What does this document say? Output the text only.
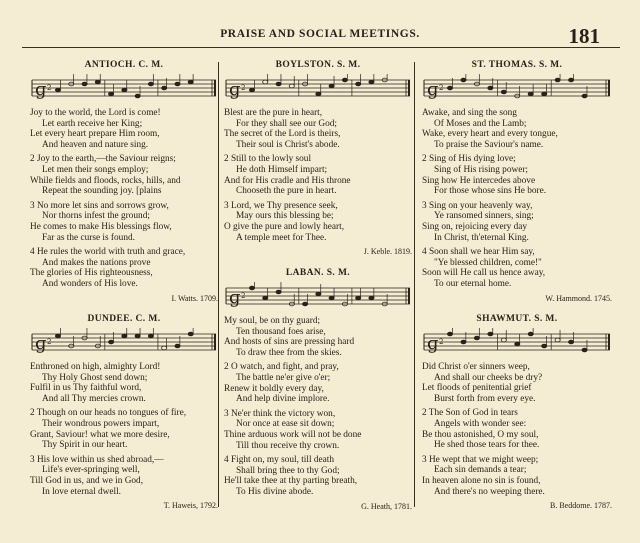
PRAISE AND SOCIAL MEETINGS.	181
ANTIOCH. C. M.
ɡ 2
Joy to the world, the Lord is come!
Let earth receive her King;
Let every heart prepare Him room,
And heaven and nature sing.
2 Joy to the earth,—the Saviour reigns;
Let men their songs employ;
While fields and floods, rocks, hills, and
Repeat the sounding joy. [plains
3 No more let sins and sorrows grow,
Nor thorns infest the ground;
He comes to make His blessings flow,
Far as the curse is found.
4 He rules the world with truth and grace,
And makes the nations prove
The glories of His righteousness,
And wonders of His love.
I. Watts. 1709.
DUNDEE. C. M.
ɡ 2
Enthroned on high, almighty Lord!
Thy Holy Ghost send down;
Fulfil in us Thy faithful word,
And all Thy mercies crown.
2 Though on our heads no tongues of fire,
Their wondrous powers impart,
Grant, Saviour! what we more desire,
Thy Spirit in our heart.
3 His love within us shed abroad,—
Life's ever-springing well,
Till God in us, and we in God,
In love eternal dwell.
T. Haweis, 1792.
BOYLSTON. S. M.
ɡ 2
Blest are the pure in heart,
For they shall see our God;
The secret of the Lord is theirs,
Their soul is Christ's abode.
2 Still to the lowly soul
He doth Himself impart;
And for His cradle and His throne
Chooseth the pure in heart.
3 Lord, we Thy presence seek,
May ours this blessing be;
O give the pure and lowly heart,
A temple meet for Thee.
J. Keble. 1819.
LABAN. S. M.
ɡ 2
My soul, be on thy guard;
Ten thousand foes arise,
And hosts of sins are pressing hard
To draw thee from the skies.
2 O watch, and fight, and pray,
The battle ne'er give o'er;
Renew it boldly every day,
And help divine implore.
3 Ne'er think the victory won,
Nor once at ease sit down;
Thine arduous work will not be done
Till thou receive thy crown.
4 Fight on, my soul, till death
Shall bring thee to thy God;
He'll take thee at thy parting breath,
To His divine abode.
G. Heath, 1781.
ST. THOMAS. S. M.
ɡ 2
Awake, and sing the song
Of Moses and the Lamb;
Wake, every heart and every tongue,
To praise the Saviour's name.
2 Sing of His dying love;
Sing of His rising power;
Sing how He intercedes above
For those whose sins He bore.
3 Sing on your heavenly way,
Ye ransomed sinners, sing;
Sing on, rejoicing every day
In Christ, th'eternal King.
4 Soon shall we hear Him say,
"Ye blessed children, come!"
Soon will He call us hence away,
To our eternal home.
W. Hammond. 1745.
SHAWMUT. S. M.
ɡ 2
Did Christ o'er sinners weep,
And shall our cheeks be dry?
Let floods of penitential grief
Burst forth from every eye.
2 The Son of God in tears
Angels with wonder see:
Be thou astonished, O my soul,
He shed those tears for thee.
3 He wept that we might weep;
Each sin demands a tear;
In heaven alone no sin is found,
And there's no weeping there.
B. Beddome. 1787.
